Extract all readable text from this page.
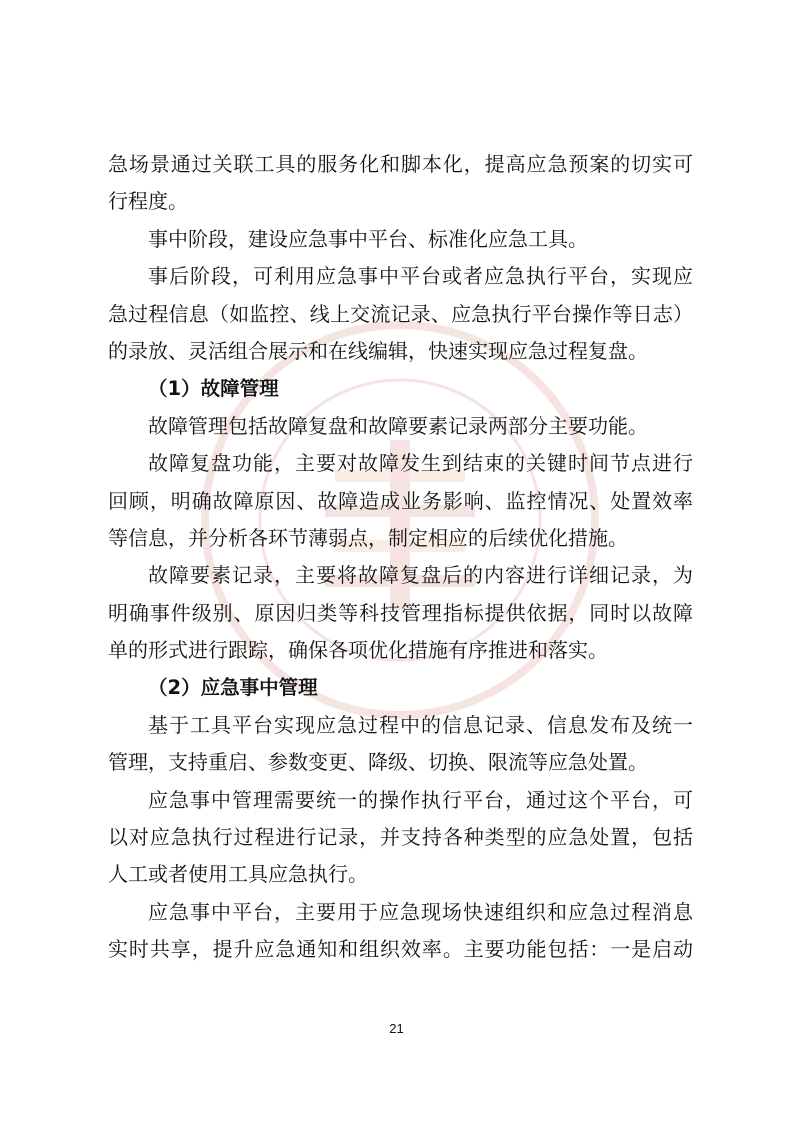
急场景通过关联工具的服务化和脚本化，提高应急预案的切实可
行程度。
事中阶段，建设应急事中平台、标准化应急工具。
事后阶段，可利用应急事中平台或者应急执行平台，实现应
急过程信息（如监控、线上交流记录、应急执行平台操作等日志）
的录放、灵活组合展示和在线编辑，快速实现应急过程复盘。
（1）故障管理
故障管理包括故障复盘和故障要素记录两部分主要功能。
故障复盘功能，主要对故障发生到结束的关键时间节点进行
回顾，明确故障原因、故障造成业务影响、监控情况、处置效率
等信息，并分析各环节薄弱点，制定相应的后续优化措施。
故障要素记录，主要将故障复盘后的内容进行详细记录，为
明确事件级别、原因归类等科技管理指标提供依据，同时以故障
单的形式进行跟踪，确保各项优化措施有序推进和落实。
（2）应急事中管理
基于工具平台实现应急过程中的信息记录、信息发布及统一
管理，支持重启、参数变更、降级、切换、限流等应急处置。
应急事中管理需要统一的操作执行平台，通过这个平台，可
以对应急执行过程进行记录，并支持各种类型的应急处置，包括
人工或者使用工具应急执行。
应急事中平台，主要用于应急现场快速组织和应急过程消息
实时共享，提升应急通知和组织效率。主要功能包括：一是启动
21
